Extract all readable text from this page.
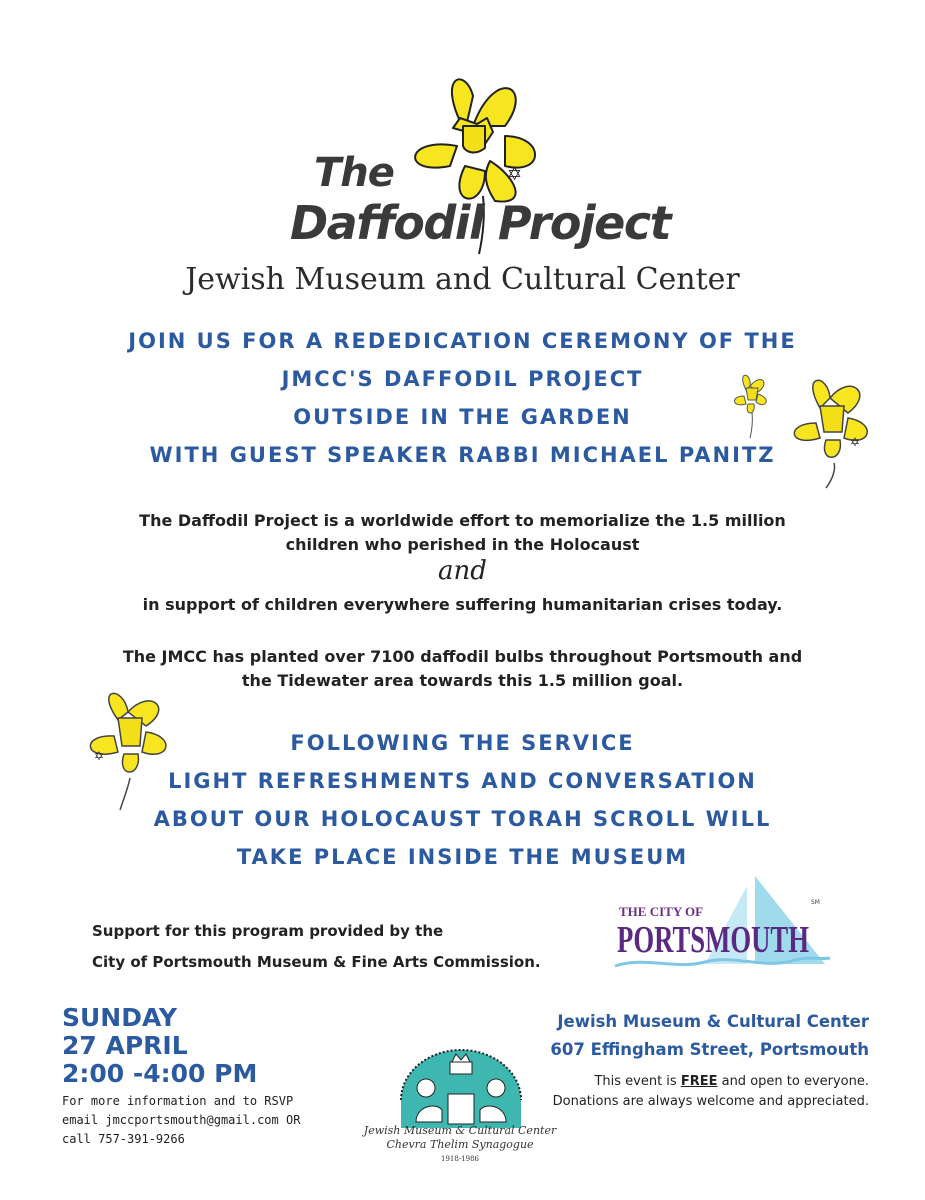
✡
The
Daffodil Project
Jewish Museum and Cultural Center
JOIN US FOR A REDEDICATION CEREMONY OF THE
JMCC'S DAFFODIL PROJECT
OUTSIDE IN THE GARDEN
WITH GUEST SPEAKER RABBI MICHAEL PANITZ
✡
The Daffodil Project is a worldwide effort to memorialize the 1.5 million
children who perished in the Holocaust
and
in support of children everywhere suffering humanitarian crises today.
The JMCC has planted over 7100 daffodil bulbs throughout Portsmouth and
the Tidewater area towards this 1.5 million goal.
✡
FOLLOWING THE SERVICE
LIGHT REFRESHMENTS AND CONVERSATION
ABOUT OUR HOLOCAUST TORAH SCROLL WILL
TAKE PLACE INSIDE THE MUSEUM
Support for this program provided by the
City of Portsmouth Museum & Fine Arts Commission.
THE CITY OF
PORTSMOUTH
SM
SUNDAY
27 APRIL
2:00 -4:00 PM
For more information and to RSVP
email jmccportsmouth@gmail.com OR
call 757-391-9266
Jewish Museum & Cultural Center
Chevra Thelim Synagogue
1918-1986
Jewish Museum & Cultural Center
607 Effingham Street, Portsmouth
This event is FREE and open to everyone.
Donations are always welcome and appreciated.
